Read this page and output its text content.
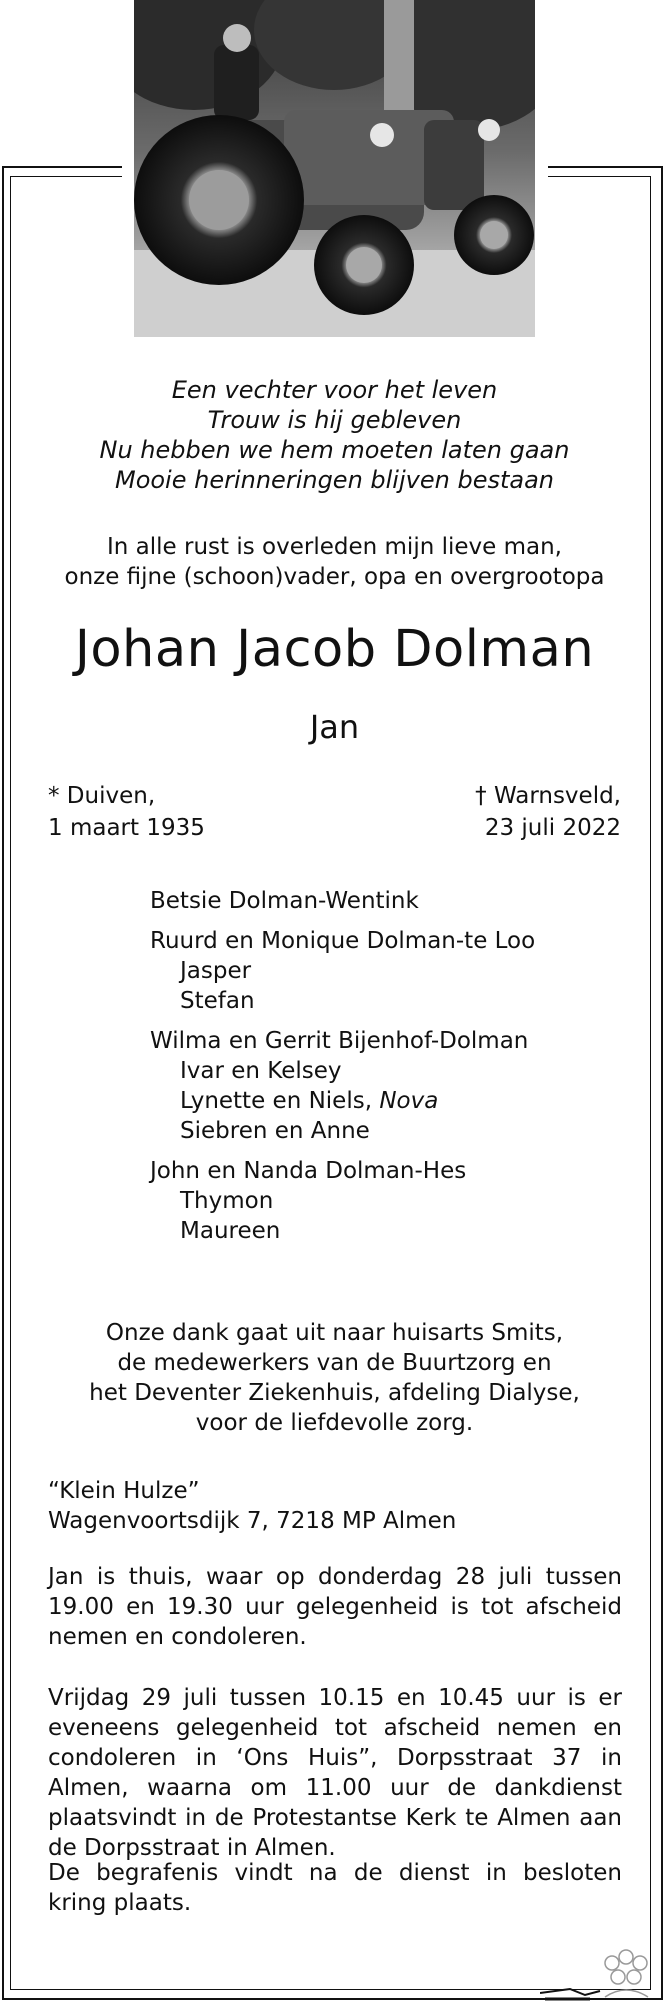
Een vechter voor het leven
Trouw is hij gebleven
Nu hebben we hem moeten laten gaan
Mooie herinneringen blijven bestaan
In alle rust is overleden mijn lieve man,
onze fijne (schoon)vader, opa en overgrootopa
Johan Jacob Dolman
Jan
* Duiven,
1 maart 1935
† Warnsveld,
23 juli 2022
Betsie Dolman-Wentink
Ruurd en Monique Dolman-te Loo
Jasper
Stefan
Wilma en Gerrit Bijenhof-Dolman
Ivar en Kelsey
Lynette en Niels, Nova
Siebren en Anne
John en Nanda Dolman-Hes
Thymon
Maureen
Onze dank gaat uit naar huisarts Smits,
de medewerkers van de Buurtzorg en
het Deventer Ziekenhuis, afdeling Dialyse,
voor de liefdevolle zorg.
“Klein Hulze”
Wagenvoortsdijk 7, 7218 MP Almen
Jan is thuis, waar op donderdag 28 juli tussen 19.00 en 19.30 uur gelegenheid is tot afscheid nemen en condoleren.
Vrijdag 29 juli tussen 10.15 en 10.45 uur is er eveneens gelegenheid tot afscheid nemen en condoleren in ‘Ons Huis”, Dorpsstraat 37 in Almen, waarna om 11.00 uur de dankdienst plaatsvindt in de Protestantse Kerk te Almen aan de Dorpsstraat in Almen.
De begrafenis vindt na de dienst in besloten kring plaats.
